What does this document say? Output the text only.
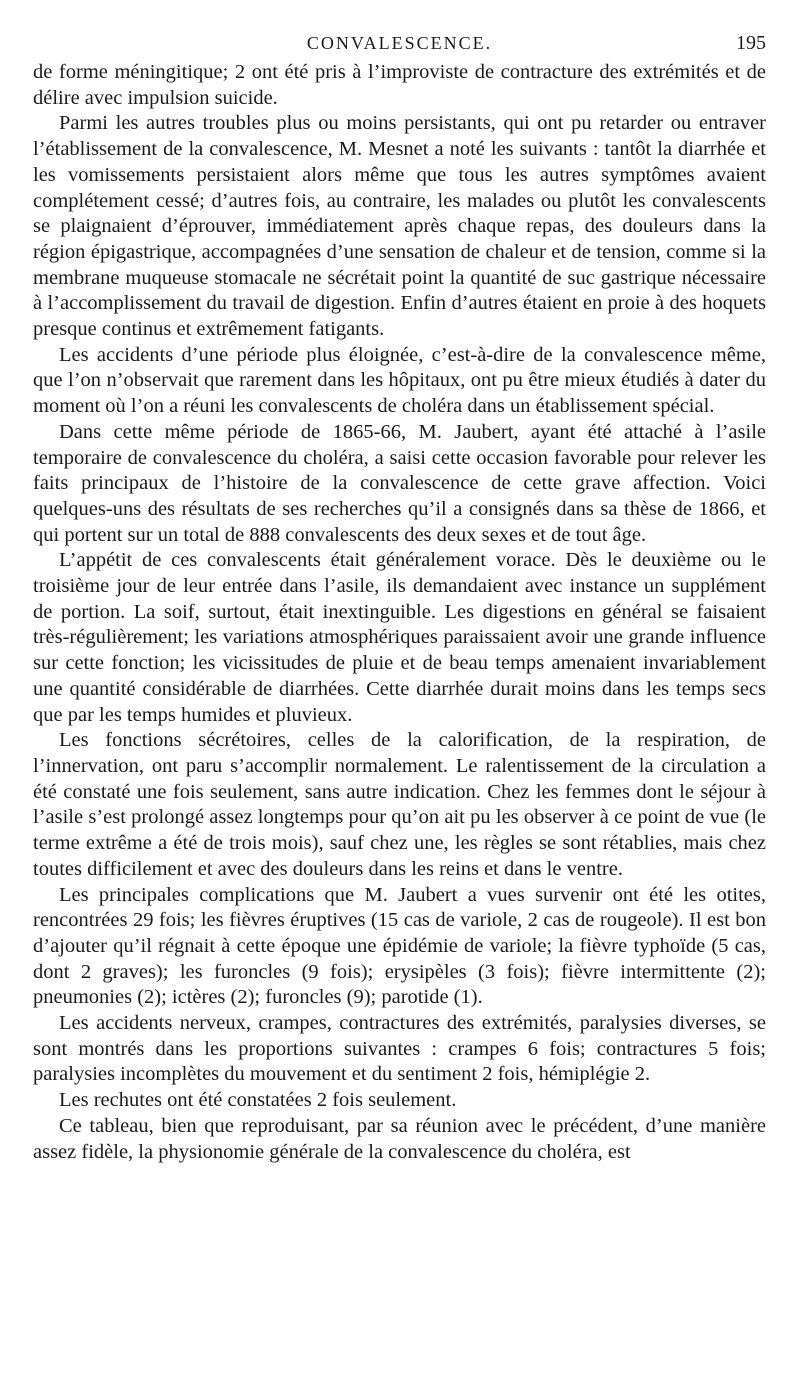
CONVALESCENCE.	195

de forme méningitique; 2 ont été pris à l’improviste de contracture des extrémités et de délire avec impulsion suicide.

Parmi les autres troubles plus ou moins persistants, qui ont pu retarder ou entraver l’établissement de la convalescence, M. Mesnet a noté les suivants : tantôt la diarrhée et les vomissements persistaient alors même que tous les autres symptômes avaient complétement cessé; d’autres fois, au contraire, les malades ou plutôt les convalescents se plaignaient d’éprouver, immédiatement après chaque repas, des douleurs dans la région épigastrique, accompagnées d’une sensation de chaleur et de tension, comme si la membrane muqueuse stomacale ne sécrétait point la quantité de suc gastrique nécessaire à l’accomplissement du travail de digestion. Enfin d’autres étaient en proie à des hoquets presque continus et extrêmement fatigants.

Les accidents d’une période plus éloignée, c’est-à-dire de la convalescence même, que l’on n’observait que rarement dans les hôpitaux, ont pu être mieux étudiés à dater du moment où l’on a réuni les convalescents de choléra dans un établissement spécial.

Dans cette même période de 1865-66, M. Jaubert, ayant été attaché à l’asile temporaire de convalescence du choléra, a saisi cette occasion favorable pour relever les faits principaux de l’histoire de la convalescence de cette grave affection. Voici quelques-uns des résultats de ses recherches qu’il a consignés dans sa thèse de 1866, et qui portent sur un total de 888 convalescents des deux sexes et de tout âge.

L’appétit de ces convalescents était généralement vorace. Dès le deuxième ou le troisième jour de leur entrée dans l’asile, ils demandaient avec instance un supplément de portion. La soif, surtout, était inextinguible. Les digestions en général se faisaient très-régulièrement; les variations atmosphériques paraissaient avoir une grande influence sur cette fonction; les vicissitudes de pluie et de beau temps amenaient invariablement une quantité considérable de diarrhées. Cette diarrhée durait moins dans les temps secs que par les temps humides et pluvieux.

Les fonctions sécrétoires, celles de la calorification, de la respiration, de l’innervation, ont paru s’accomplir normalement. Le ralentissement de la circulation a été constaté une fois seulement, sans autre indication. Chez les femmes dont le séjour à l’asile s’est prolongé assez longtemps pour qu’on ait pu les observer à ce point de vue (le terme extrême a été de trois mois), sauf chez une, les règles se sont rétablies, mais chez toutes difficilement et avec des douleurs dans les reins et dans le ventre.

Les principales complications que M. Jaubert a vues survenir ont été les otites, rencontrées 29 fois; les fièvres éruptives (15 cas de variole, 2 cas de rougeole). Il est bon d’ajouter qu’il régnait à cette époque une épidémie de variole; la fièvre typhoïde (5 cas, dont 2 graves); les furoncles (9 fois); erysipèles (3 fois); fièvre intermittente (2); pneumonies (2); ictères (2); furoncles (9); parotide (1).

Les accidents nerveux, crampes, contractures des extrémités, paralysies diverses, se sont montrés dans les proportions suivantes : crampes 6 fois; contractures 5 fois; paralysies incomplètes du mouvement et du sentiment 2 fois, hémiplégie 2.

Les rechutes ont été constatées 2 fois seulement.

Ce tableau, bien que reproduisant, par sa réunion avec le précédent, d’une manière assez fidèle, la physionomie générale de la convalescence du choléra, est
